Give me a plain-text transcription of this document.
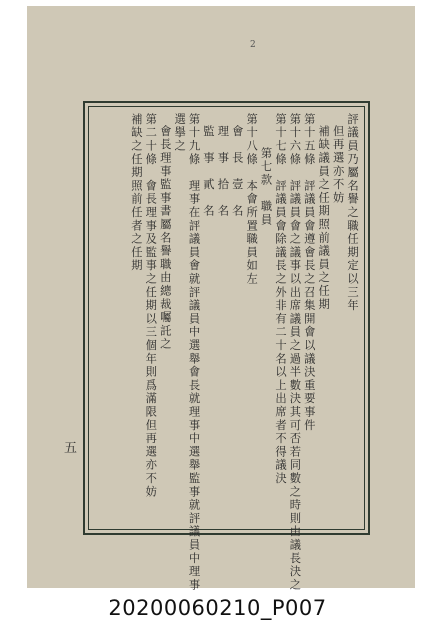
2
評議員乃屬名譽之職任期定以三年
但再選亦不妨
補缺議員之任期照前議員之任期
第十五條　評議員會遵會長之召集開會以議決重要事件
第十六條　評議員會之議事以出席議員之過半數決其可否若同數之時則由議長決之
第十七條　評議員會除議長之外非有二十名以上出席者不得議決
第七款　職員
第十八條　本會所置職員如左
會　長　壹　名
理　事　拾　名
監　事　貳　名
第十九條　理事在評議員會就評議員中選舉會長就理事中選舉監事就評議員中理事
選擧之
會長理事監事書屬名譽職由總裁囑託之
第二十條　會長理事及監事之任期以三個年則爲滿限但再選亦不妨
補缺之任期照前任者之任期
五
20200060210_P007
